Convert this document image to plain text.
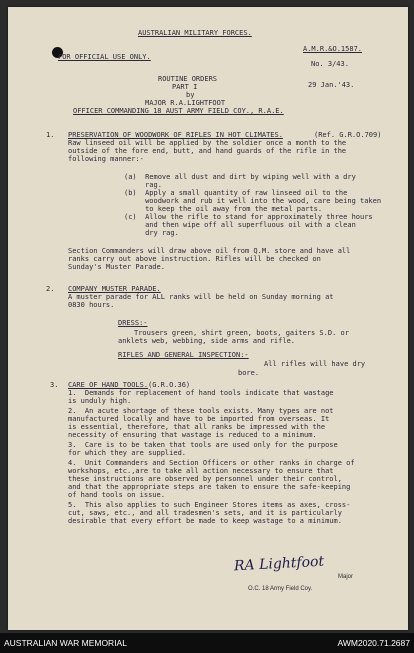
AUSTRALIAN MILITARY FORCES.
FOR OFFICIAL USE ONLY.
A.M.R.&O.1587.
No. 3/43.
29 Jan.'43.
ROUTINE ORDERS
PART I
by
MAJOR R.A.LIGHTFOOT
OFFICER COMMANDING 18 AUST ARMY FIELD COY., R.A.E.
1. PRESERVATION OF WOODWORK OF RIFLES IN HOT CLIMATES.	(Ref. G.R.O.709)
Raw linseed oil will be applied by the soldier once a month to the
outside of the fore end, butt, and hand guards of the rifle in the
following manner:-
(a)  Remove all dust and dirt by wiping well with a dry
rag.
(b)  Apply a small quantity of raw linseed oil to the
woodwork and rub it well into the wood, care being taken
to keep the oil away from the metal parts.
(c)  Allow the rifle to stand for approximately three hours
and then wipe off all superfluous oil with a clean
dry rag.
Section Commanders will draw above oil from Q.M. store and have all
ranks carry out above instruction. Rifles will be checked on
Sunday's Muster Parade.
2. COMPANY MUSTER PARADE.
A muster parade for ALL ranks will be held on Sunday morning at
0830 hours.
DRESS:-
Trousers green, shirt green, boots, gaiters S.D. or
anklets web, webbing, side arms and rifle.
RIFLES AND GENERAL INSPECTION:-
All rifles will have dry
bore.
3. CARE OF HAND TOOLS. (G.R.O.36)
1.  Demands for replacement of hand tools indicate that wastage
is unduly high.
2.  An acute shortage of these tools exists. Many types are not
manufactured locally and have to be imported from overseas. It
is essential, therefore, that all ranks be impressed with the
necessity of ensuring that wastage is reduced to a minimum.
3.  Care is to be taken that tools are used only for the purpose
for which they are supplied.
4.  Unit Commanders and Section Officers or other ranks in charge of
workshops, etc.,are to take all action necessary to ensure that
these instructions are observed by personnel under their control,
and that the appropriate steps are taken to ensure the safe-keeping
of hand tools on issue.
5.  This also applies to such Engineer Stores items as axes, cross-
cut, saws, etc., and all tradesmen's sets, and it is particularly
desirable that every effort be made to keep wastage to a minimum.
RA Lightfoot
Major
O.C. 18 Army Field Coy.
AUSTRALIAN WAR MEMORIAL	AWM2020.71.2687
